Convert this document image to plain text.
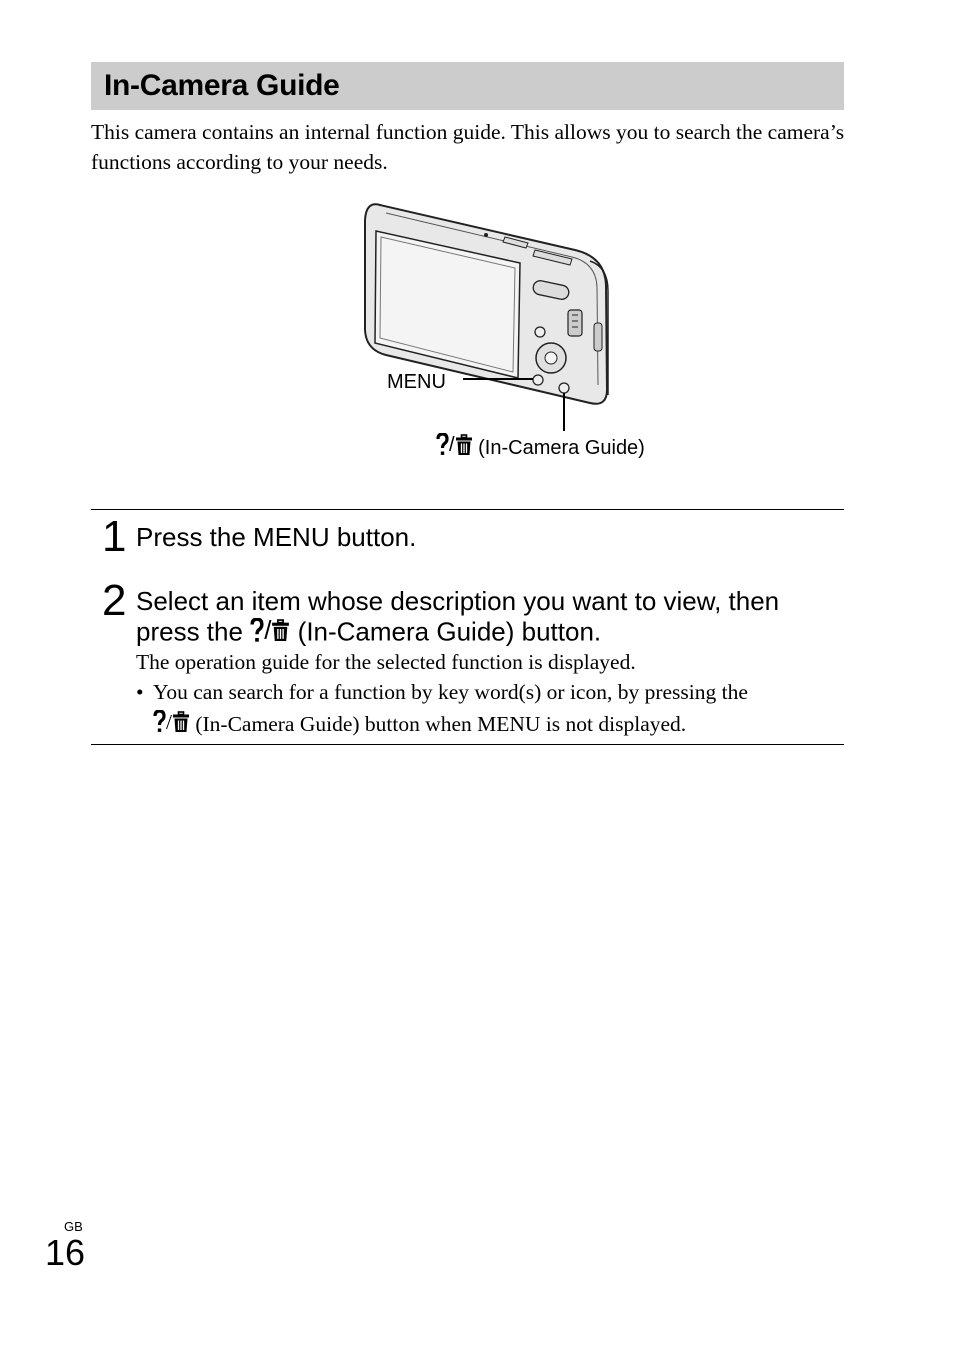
In-Camera Guide

This camera contains an internal function guide. This allows you to search the camera’s functions according to your needs.

MENU
/ (In-Camera Guide)
1 Press the MENU button.

2 Select an item whose description you want to view, then
press the / (In-Camera Guide) button.

The operation guide for the selected function is displayed.

• You can search for a function by key word(s) or icon, by pressing the

/ (In-Camera Guide) button when MENU is not displayed.
GB
16
